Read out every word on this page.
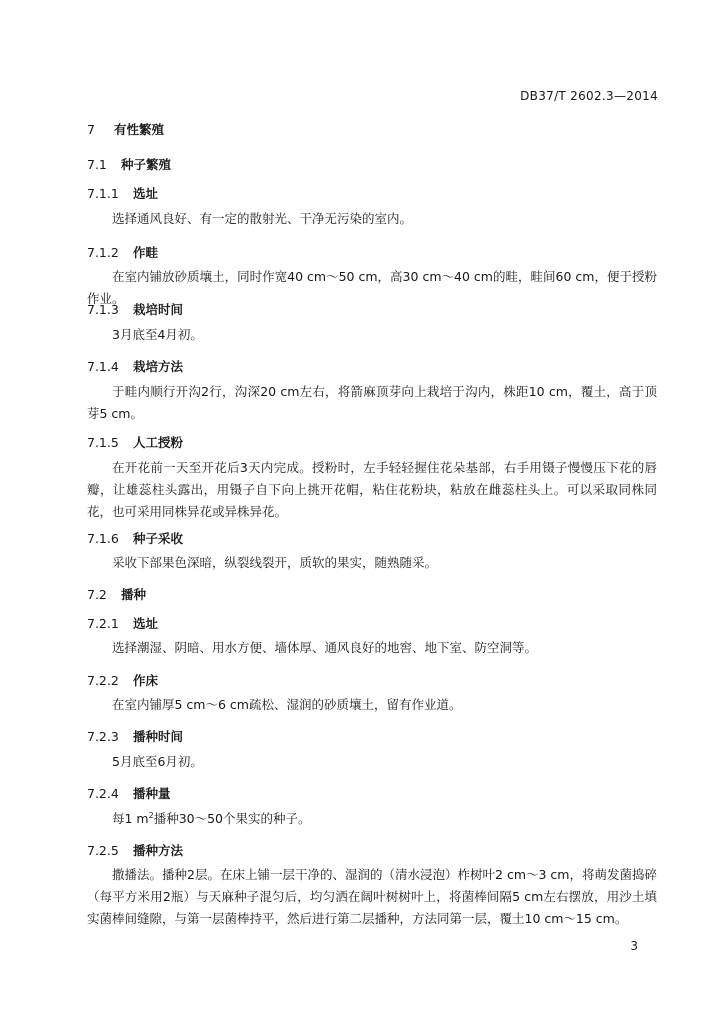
DB37/T 2602.3—2014
7 有性繁殖
7.1 种子繁殖
7.1.1 选址
选择通风良好、有一定的散射光、干净无污染的室内。
7.1.2 作畦
在室内铺放砂质壤土，同时作宽40 cm～50 cm，高30 cm～40 cm的畦，畦间60 cm，便于授粉作业。
7.1.3 栽培时间
3月底至4月初。
7.1.4 栽培方法
于畦内顺行开沟2行，沟深20 cm左右，将箭麻顶芽向上栽培于沟内，株距10 cm，覆土，高于顶芽5 cm。
7.1.5 人工授粉
在开花前一天至开花后3天内完成。授粉时，左手轻轻握住花朵基部，右手用镊子慢慢压下花的唇瓣，让雄蕊柱头露出，用镊子自下向上挑开花帽，粘住花粉块，粘放在雌蕊柱头上。可以采取同株同花，也可采用同株异花或异株异花。
7.1.6 种子采收
采收下部果色深暗，纵裂线裂开，质软的果实，随熟随采。
7.2 播种
7.2.1 选址
选择潮湿、阴暗、用水方便、墙体厚、通风良好的地窖、地下室、防空洞等。
7.2.2 作床
在室内铺厚5 cm～6 cm疏松、湿润的砂质壤土，留有作业道。
7.2.3 播种时间
5月底至6月初。
7.2.4 播种量
每1 $m^2$播种30～50个果实的种子。
7.2.5 播种方法
撒播法。播种2层。在床上铺一层干净的、湿润的（清水浸泡）柞树叶2 cm～3 cm，将萌发菌捣碎（每平方米用2瓶）与天麻种子混匀后，均匀洒在阔叶树树叶上，将菌棒间隔5 cm左右摆放，用沙土填实菌棒间缝隙，与第一层菌棒持平，然后进行第二层播种，方法同第一层，覆土10 cm～15 cm。
3
